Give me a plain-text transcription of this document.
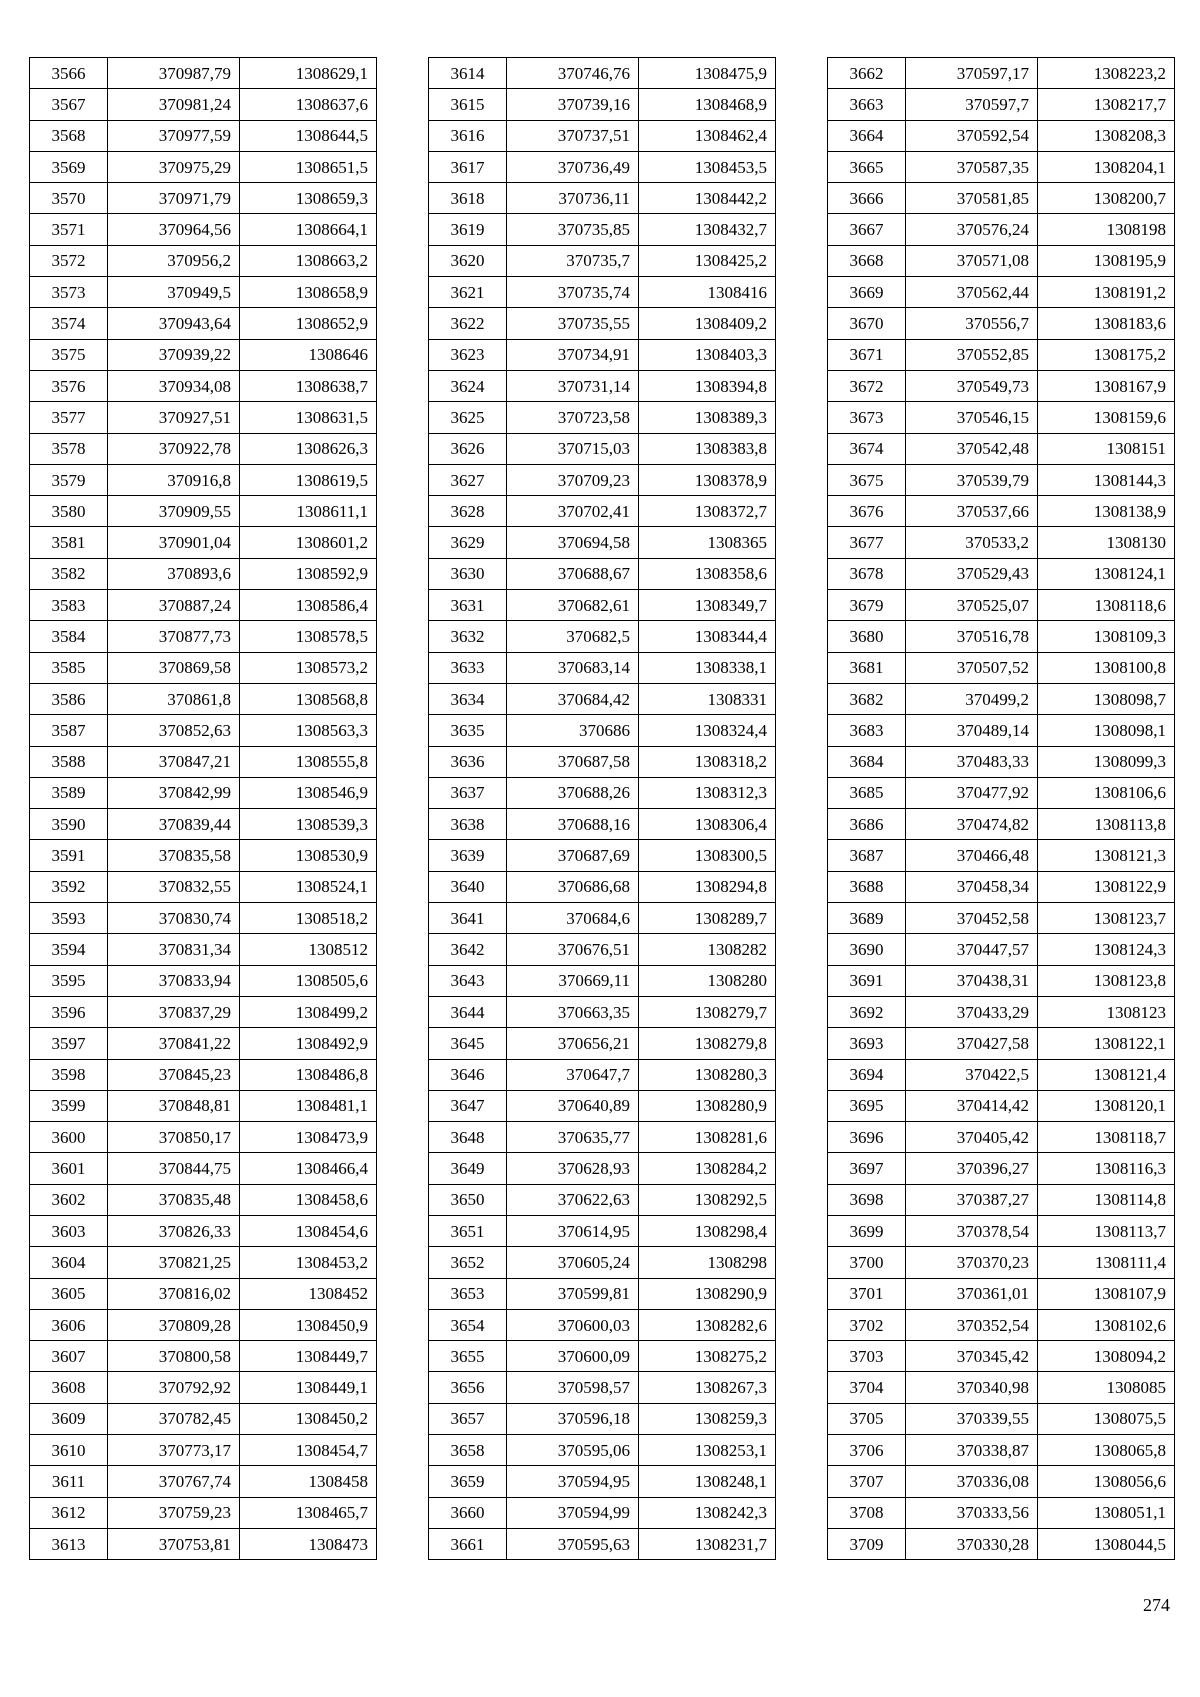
3566	370987,79	1308629,1
3567	370981,24	1308637,6
3568	370977,59	1308644,5
3569	370975,29	1308651,5
3570	370971,79	1308659,3
3571	370964,56	1308664,1
3572	370956,2	1308663,2
3573	370949,5	1308658,9
3574	370943,64	1308652,9
3575	370939,22	1308646
3576	370934,08	1308638,7
3577	370927,51	1308631,5
3578	370922,78	1308626,3
3579	370916,8	1308619,5
3580	370909,55	1308611,1
3581	370901,04	1308601,2
3582	370893,6	1308592,9
3583	370887,24	1308586,4
3584	370877,73	1308578,5
3585	370869,58	1308573,2
3586	370861,8	1308568,8
3587	370852,63	1308563,3
3588	370847,21	1308555,8
3589	370842,99	1308546,9
3590	370839,44	1308539,3
3591	370835,58	1308530,9
3592	370832,55	1308524,1
3593	370830,74	1308518,2
3594	370831,34	1308512
3595	370833,94	1308505,6
3596	370837,29	1308499,2
3597	370841,22	1308492,9
3598	370845,23	1308486,8
3599	370848,81	1308481,1
3600	370850,17	1308473,9
3601	370844,75	1308466,4
3602	370835,48	1308458,6
3603	370826,33	1308454,6
3604	370821,25	1308453,2
3605	370816,02	1308452
3606	370809,28	1308450,9
3607	370800,58	1308449,7
3608	370792,92	1308449,1
3609	370782,45	1308450,2
3610	370773,17	1308454,7
3611	370767,74	1308458
3612	370759,23	1308465,7
3613	370753,81	1308473
3614	370746,76	1308475,9
3615	370739,16	1308468,9
3616	370737,51	1308462,4
3617	370736,49	1308453,5
3618	370736,11	1308442,2
3619	370735,85	1308432,7
3620	370735,7	1308425,2
3621	370735,74	1308416
3622	370735,55	1308409,2
3623	370734,91	1308403,3
3624	370731,14	1308394,8
3625	370723,58	1308389,3
3626	370715,03	1308383,8
3627	370709,23	1308378,9
3628	370702,41	1308372,7
3629	370694,58	1308365
3630	370688,67	1308358,6
3631	370682,61	1308349,7
3632	370682,5	1308344,4
3633	370683,14	1308338,1
3634	370684,42	1308331
3635	370686	1308324,4
3636	370687,58	1308318,2
3637	370688,26	1308312,3
3638	370688,16	1308306,4
3639	370687,69	1308300,5
3640	370686,68	1308294,8
3641	370684,6	1308289,7
3642	370676,51	1308282
3643	370669,11	1308280
3644	370663,35	1308279,7
3645	370656,21	1308279,8
3646	370647,7	1308280,3
3647	370640,89	1308280,9
3648	370635,77	1308281,6
3649	370628,93	1308284,2
3650	370622,63	1308292,5
3651	370614,95	1308298,4
3652	370605,24	1308298
3653	370599,81	1308290,9
3654	370600,03	1308282,6
3655	370600,09	1308275,2
3656	370598,57	1308267,3
3657	370596,18	1308259,3
3658	370595,06	1308253,1
3659	370594,95	1308248,1
3660	370594,99	1308242,3
3661	370595,63	1308231,7
3662	370597,17	1308223,2
3663	370597,7	1308217,7
3664	370592,54	1308208,3
3665	370587,35	1308204,1
3666	370581,85	1308200,7
3667	370576,24	1308198
3668	370571,08	1308195,9
3669	370562,44	1308191,2
3670	370556,7	1308183,6
3671	370552,85	1308175,2
3672	370549,73	1308167,9
3673	370546,15	1308159,6
3674	370542,48	1308151
3675	370539,79	1308144,3
3676	370537,66	1308138,9
3677	370533,2	1308130
3678	370529,43	1308124,1
3679	370525,07	1308118,6
3680	370516,78	1308109,3
3681	370507,52	1308100,8
3682	370499,2	1308098,7
3683	370489,14	1308098,1
3684	370483,33	1308099,3
3685	370477,92	1308106,6
3686	370474,82	1308113,8
3687	370466,48	1308121,3
3688	370458,34	1308122,9
3689	370452,58	1308123,7
3690	370447,57	1308124,3
3691	370438,31	1308123,8
3692	370433,29	1308123
3693	370427,58	1308122,1
3694	370422,5	1308121,4
3695	370414,42	1308120,1
3696	370405,42	1308118,7
3697	370396,27	1308116,3
3698	370387,27	1308114,8
3699	370378,54	1308113,7
3700	370370,23	1308111,4
3701	370361,01	1308107,9
3702	370352,54	1308102,6
3703	370345,42	1308094,2
3704	370340,98	1308085
3705	370339,55	1308075,5
3706	370338,87	1308065,8
3707	370336,08	1308056,6
3708	370333,56	1308051,1
3709	370330,28	1308044,5
274
